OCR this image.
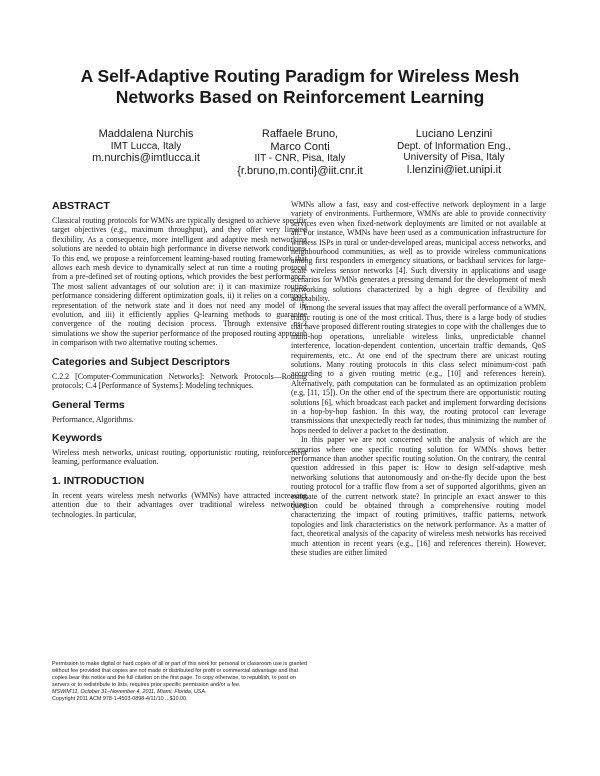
A Self-Adaptive Routing Paradigm for Wireless Mesh
Networks Based on Reinforcement Learning
Maddalena Nurchis
IMT Lucca, Italy
m.nurchis@imtlucca.it
Raffaele Bruno,
Marco Conti
IIT - CNR, Pisa, Italy
{r.bruno,m.conti}@iit.cnr.it
Luciano Lenzini
Dept. of Information Eng.,
University of Pisa, Italy
l.lenzini@iet.unipi.it
ABSTRACT

Classical routing protocols for WMNs are typically designed to achieve specific target objectives (e.g., maximum throughput), and they offer very limited flexibility. As a consequence, more intelligent and adaptive mesh networking solutions are needed to obtain high performance in diverse network conditions. To this end, we propose a reinforcement learning-based routing framework that allows each mesh device to dynamically select at run time a routing protocol from a pre-defined set of routing options, which provides the best performance. The most salient advantages of our solution are: i) it can maximize routing performance considering different optimization goals, ii) it relies on a compact representation of the network state and it does not need any model of its evolution, and iii) it efficiently applies Q-learning methods to guarantee convergence of the routing decision process. Through extensive ns-2 simulations we show the superior performance of the proposed routing approach in comparison with two alternative routing schemes.

Categories and Subject Descriptors

C.2.2 [Computer-Communication Networks]: Network Protocols—Routing protocols; C.4 [Performance of Systems]: Modeling techniques.

General Terms

Performance, Algorithms.

Keywords

Wireless mesh networks, unicast routing, opportunistic routing, reinforcement learning, performance evaluation.

1. INTRODUCTION

In recent years wireless mesh networks (WMNs) have attracted increasing attention due to their advantages over traditional wireless networking technologies. In particular,

Permission to make digital or hard copies of all or part of this work for personal or classroom use is granted without fee provided that copies are not made or distributed for profit or commercial advantage and that copies bear this notice and the full citation on the first page. To copy otherwise, to republish, to post on servers or to redistribute to lists, requires prior specific permission and/or a fee.

MSWiM'11, October 31–November 4, 2011, Miami, Florida, USA.

Copyright 2011 ACM 978-1-4503-0898-4/11/10 ...$10.00.

WMNs allow a fast, easy and cost-effective network deployment in a large variety of environments. Furthermore, WMNs are able to provide connectivity services even when fixed-network deployments are limited or not available at all. For instance, WMNs have been used as a communication infrastructure for wireless ISPs in rural or under-developed areas, municipal access networks, and neighbourhood communities, as well as to provide wireless communications among first responders in emergency situations, or backhaul services for large-scale wireless sensor networks [4]. Such diversity in applications and usage scenarios for WMNs generates a pressing demand for the development of mesh networking solutions characterized by a high degree of flexibility and adaptability.

Among the several issues that may affect the overall performance of a WMN, traffic routing is one of the most critical. Thus, there is a large body of studies that have proposed different routing strategies to cope with the challenges due to multi-hop operations, unreliable wireless links, unpredictable channel interference, location-dependent contention, uncertain traffic demands, QoS requirements, etc.. At one end of the spectrum there are unicast routing solutions. Many routing protocols in this class select minimum-cost path according to a given routing metric (e.g., [10] and references herein). Alternatively, path computation can be formulated as an optimization problem (e.g, [11, 15]). On the other end of the spectrum there are opportunistic routing solutions [6], which broadcast each packet and implement forwarding decisions in a hop-by-hop fashion. In this way, the routing protocol can leverage transmissions that unexpectedly reach far nodes, thus minimizing the number of hops needed to deliver a packet to the destination.

In this paper we are not concerned with the analysis of which are the scenarios where one specific routing solution for WMNs shows better performance than another specific routing solution. On the contrary, the central question addressed in this paper is: How to design self-adaptive mesh networking solutions that autonomously and on-the-fly decide upon the best routing protocol for a traffic flow from a set of supported algorithms, given an estimate of the current network state? In principle an exact answer to this question could be obtained through a comprehensive routing model characterizing the impact of routing primitives, traffic patterns, network topologies and link characteristics on the network performance. As a matter of fact, theoretical analysis of the capacity of wireless mesh networks has received much attention in recent years (e.g., [16] and references therein). However, these studies are either limited
